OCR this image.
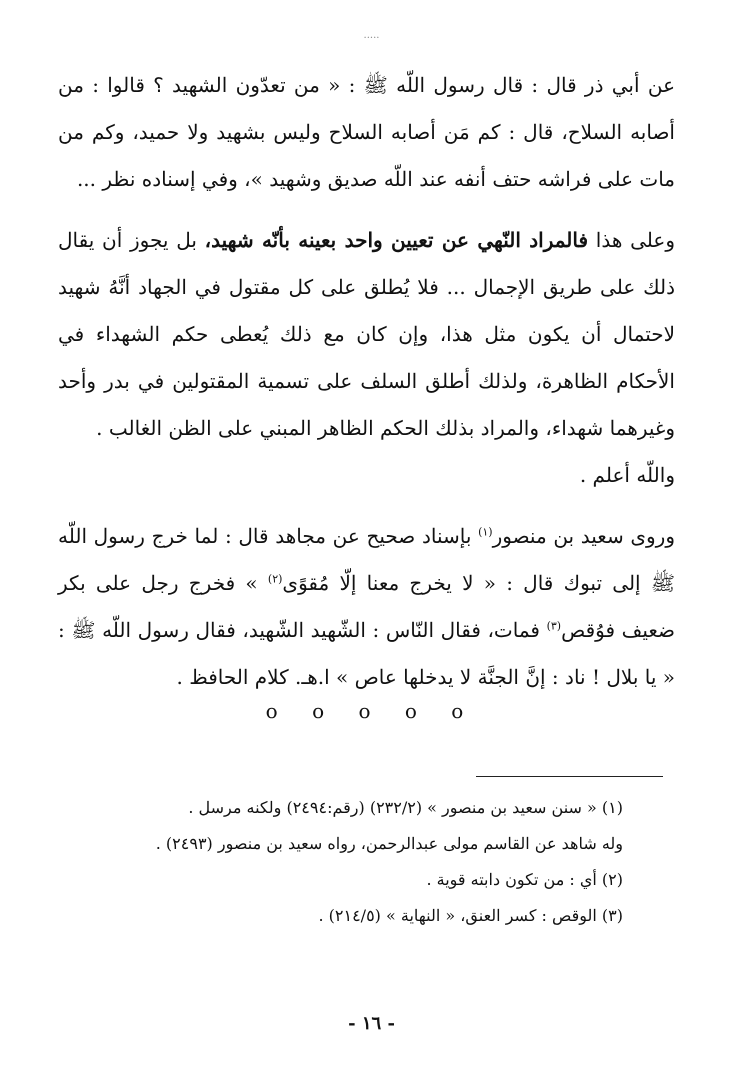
.....

عن أبي ذر قال : قال رسول اللّه ﷺ : « من تعدّون الشهيد ؟ قالوا : من أصابه السلاح، قال : كم مَن أصابه السلاح وليس بشهيد ولا حميد، وكم من مات على فراشه حتف أنفه عند اللّه صديق وشهيد »، وفي إسناده نظر ...

وعلى هذا فالمراد النّهي عن تعيين واحد بعينه بأنّه شهيد، بل يجوز أن يقال ذلك على طريق الإجمال ... فلا يُطلق على كل مقتول في الجهاد أنَّهُ شهيد لاحتمال أن يكون مثل هذا، وإن كان مع ذلك يُعطى حكم الشهداء في الأحكام الظاهرة، ولذلك أطلق السلف على تسمية المقتولين في بدر وأحد وغيرهما شهداء، والمراد بذلك الحكم الظاهر المبني على الظن الغالب .

واللّه أعلم .

وروى سعيد بن منصور$^{(١)}$ بإسناد صحيح عن مجاهد قال : لما خرج رسول اللّه ﷺ إلى تبوك قال : « لا يخرج معنا إلّا مُقوًى$^{(٢)}$ » فخرج رجل على بكر ضعيف فوُقص$^{(٣)}$ فمات، فقال النّاس : الشّهيد الشّهيد، فقال رسول اللّه ﷺ : « يا بلال ! ناد : إنَّ الجنَّة لا يدخلها عاص » ا.هـ. كلام الحافظ .

o o o o o

(١) « سنن سعيد بن منصور » (٢٣٢/٢) (رقم:٢٤٩٤) ولكنه مرسل .

وله شاهد عن القاسم مولى عبدالرحمن، رواه سعيد بن منصور (٢٤٩٣) .

(٢) أي : من تكون دابته قوية .

(٣) الوقص : كسر العنق، « النهاية » (٢١٤/٥) .

- ١٦ -
